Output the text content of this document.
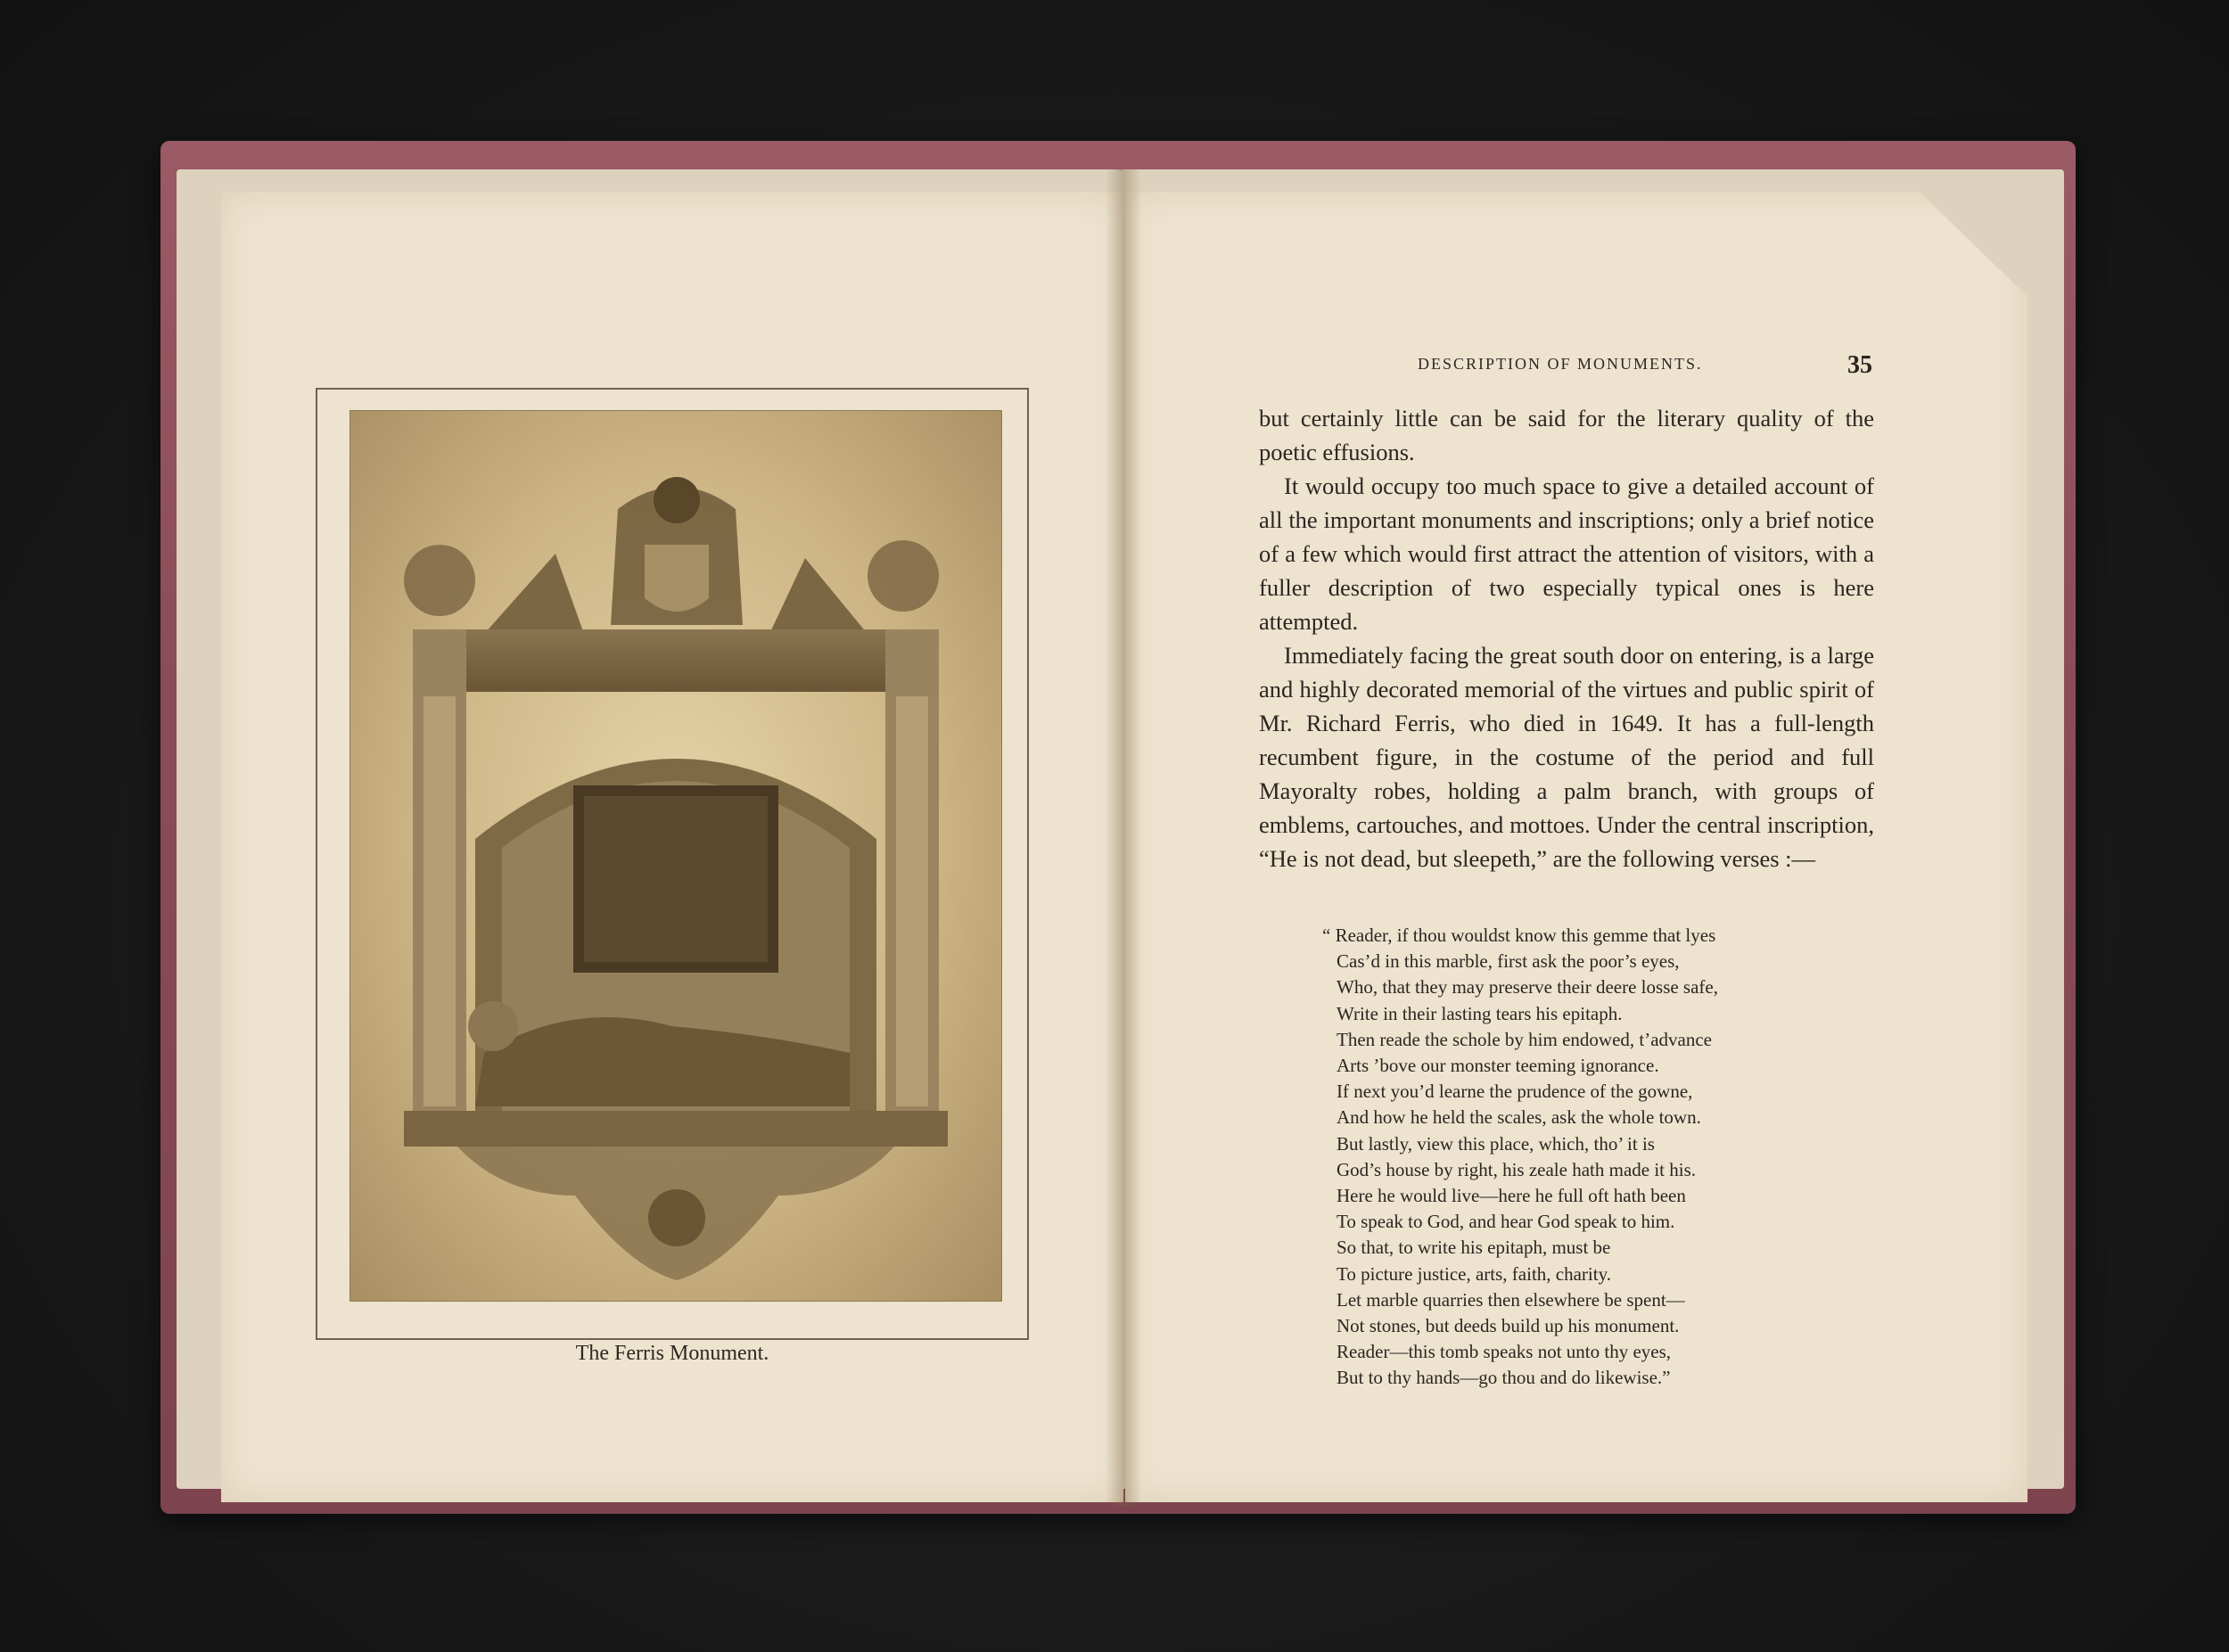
The Ferris Monument.
DESCRIPTION OF MONUMENTS.	35

but certainly little can be said for the literary quality of the poetic effusions.

It would occupy too much space to give a detailed account of all the important monuments and inscriptions; only a brief notice of a few which would first attract the attention of visitors, with a fuller description of two especially typical ones is here attempted.

Immediately facing the great south door on entering, is a large and highly decorated memorial of the virtues and public spirit of Mr. Richard Ferris, who died in 1649. It has a full-length recumbent figure, in the costume of the period and full Mayoralty robes, holding a palm branch, with groups of emblems, cartouches, and mottoes. Under the central inscription, “He is not dead, but sleepeth,” are the following verses :—

“ Reader, if thou wouldst know this gemme that lyes
Cas’d in this marble, first ask the poor’s eyes,
Who, that they may preserve their deere losse safe,
Write in their lasting tears his epitaph.
Then reade the schole by him endowed, t’advance
Arts ’bove our monster teeming ignorance.
If next you’d learne the prudence of the gowne,
And how he held the scales, ask the whole town.
But lastly, view this place, which, tho’ it is
God’s house by right, his zeale hath made it his.
Here he would live—here he full oft hath been
To speak to God, and hear God speak to him.
So that, to write his epitaph, must be
To picture justice, arts, faith, charity.
Let marble quarries then elsewhere be spent—
Not stones, but deeds build up his monument.
Reader—this tomb speaks not unto thy eyes,
But to thy hands—go thou and do likewise.”
